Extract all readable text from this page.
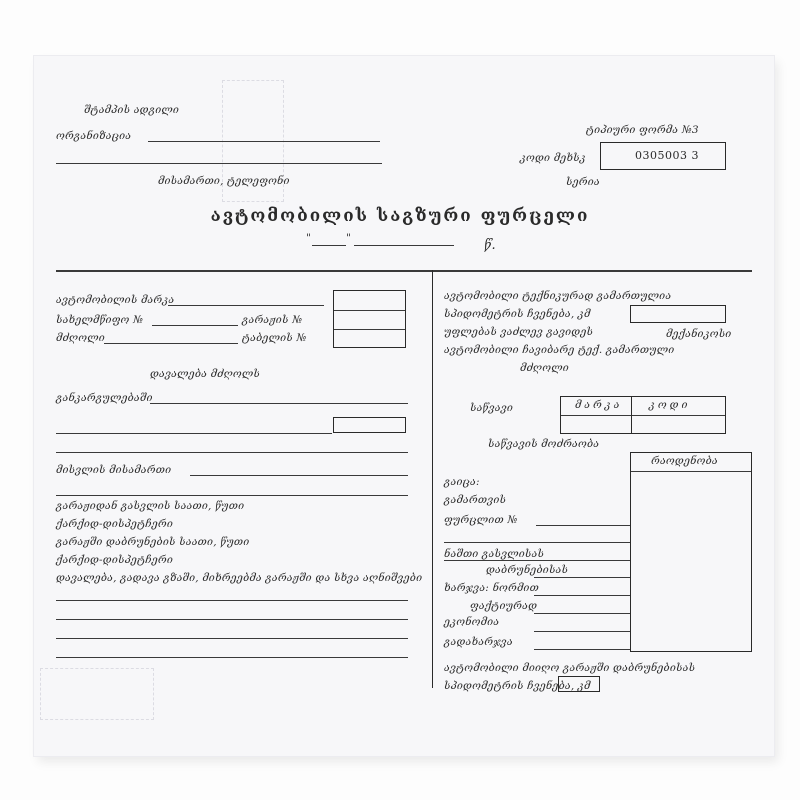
შტამპის ადგილი
ორგანიზაცია
მისამართი, ტელეფონი
ტიპიური ფორმა №3
კოდი მეხსკ	0305003 3
სერია
ავტომობილის საგზური ფურცელი
"	"	წ.
ავტომობილის მარკა
სახელმწიფო №	გარაჟის №
მძღოლი	ტაბელის №
დავალება მძღოლს
განკარგულებაში
მისვლის მისამართი
გარაჟიდან გასვლის საათი, წუთი
ქარქიდ-დისპეტჩერი
გარაჟში დაბრუნების საათი, წუთი
ქარქიდ-დისპეტჩერი
დავალება, გადავა გზაში, მიხრეებმა გარაჟში და სხვა აღნიშვები
ავტომობილი ტექნიკურად გამართულია
სპიდომეტრის ჩვენება, კმ
უფლებას ვაძლევ გავიდეს	მექანიკოსი
ავტომობილი ჩავიბარე ტექ. გამართული
მძღოლი
საწვავი	მარკა	კოდი
საწვავის მოძრაობა
რაოდენობა
გაიცა:
გამართვის
ფურცლით №
ნაშთი გასვლისას
დაბრუნებისას
ხარჯვა: ნორმით
ფაქტიურად
ეკონომია
გადახარჯვა
ავტომობილი მიიღო გარაჟში დაბრუნებისას
სპიდომეტრის ჩვენება, კმ
